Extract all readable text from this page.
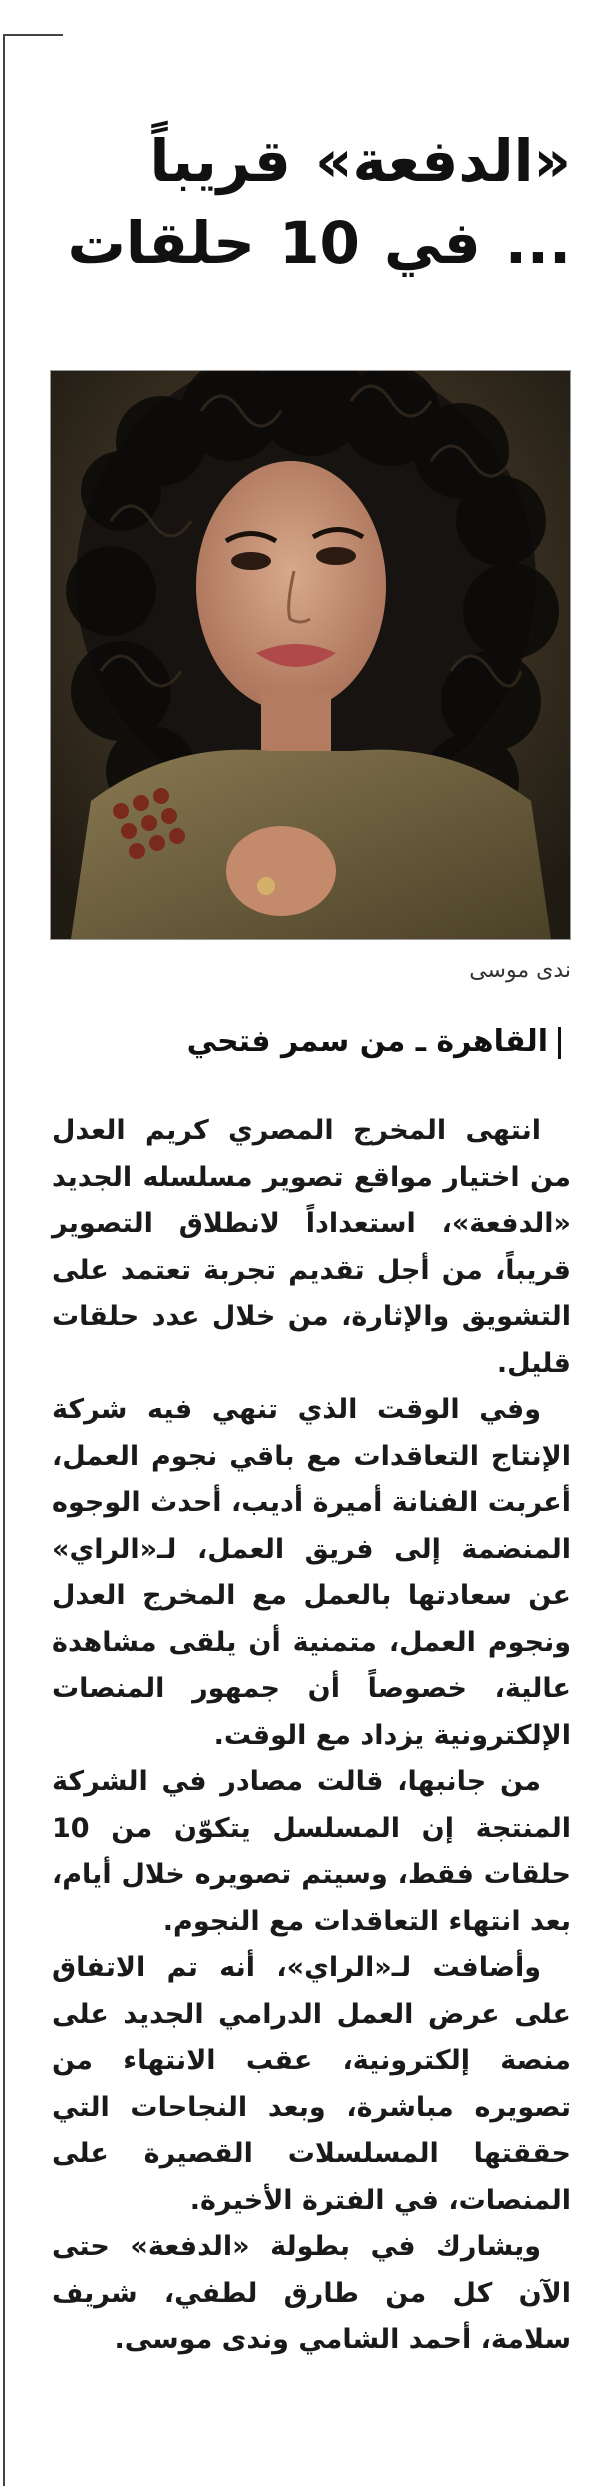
«الدفعة» قريباً
... في 10 حلقات
ندى موسى
القاهرة ـ من سمر فتحي

انتهى المخرج المصري كريم العدل من اختيار مواقع تصوير مسلسله الجديد «الدفعة»، استعداداً لانطلاق التصوير قريباً، من أجل تقديم تجربة تعتمد على التشويق والإثارة، من خلال عدد حلقات قليل.

وفي الوقت الذي تنهي فيه شركة الإنتاج التعاقدات مع باقي نجوم العمل، أعربت الفنانة أميرة أديب، أحدث الوجوه المنضمة إلى فريق العمل، لـ«الراي» عن سعادتها بالعمل مع المخرج العدل ونجوم العمل، متمنية أن يلقى مشاهدة عالية، خصوصاً أن جمهور المنصات الإلكترونية يزداد مع الوقت.

من جانبها، قالت مصادر في الشركة المنتجة إن المسلسل يتكوّن من 10 حلقات فقط، وسيتم تصويره خلال أيام، بعد انتهاء التعاقدات مع النجوم.

وأضافت لـ«الراي»، أنه تم الاتفاق على عرض العمل الدرامي الجديد على منصة إلكترونية، عقب الانتهاء من تصويره مباشرة، وبعد النجاحات التي حققتها المسلسلات القصيرة على المنصات، في الفترة الأخيرة.

ويشارك في بطولة «الدفعة» حتى الآن كل من طارق لطفي، شريف سلامة، أحمد الشامي وندى موسى.
